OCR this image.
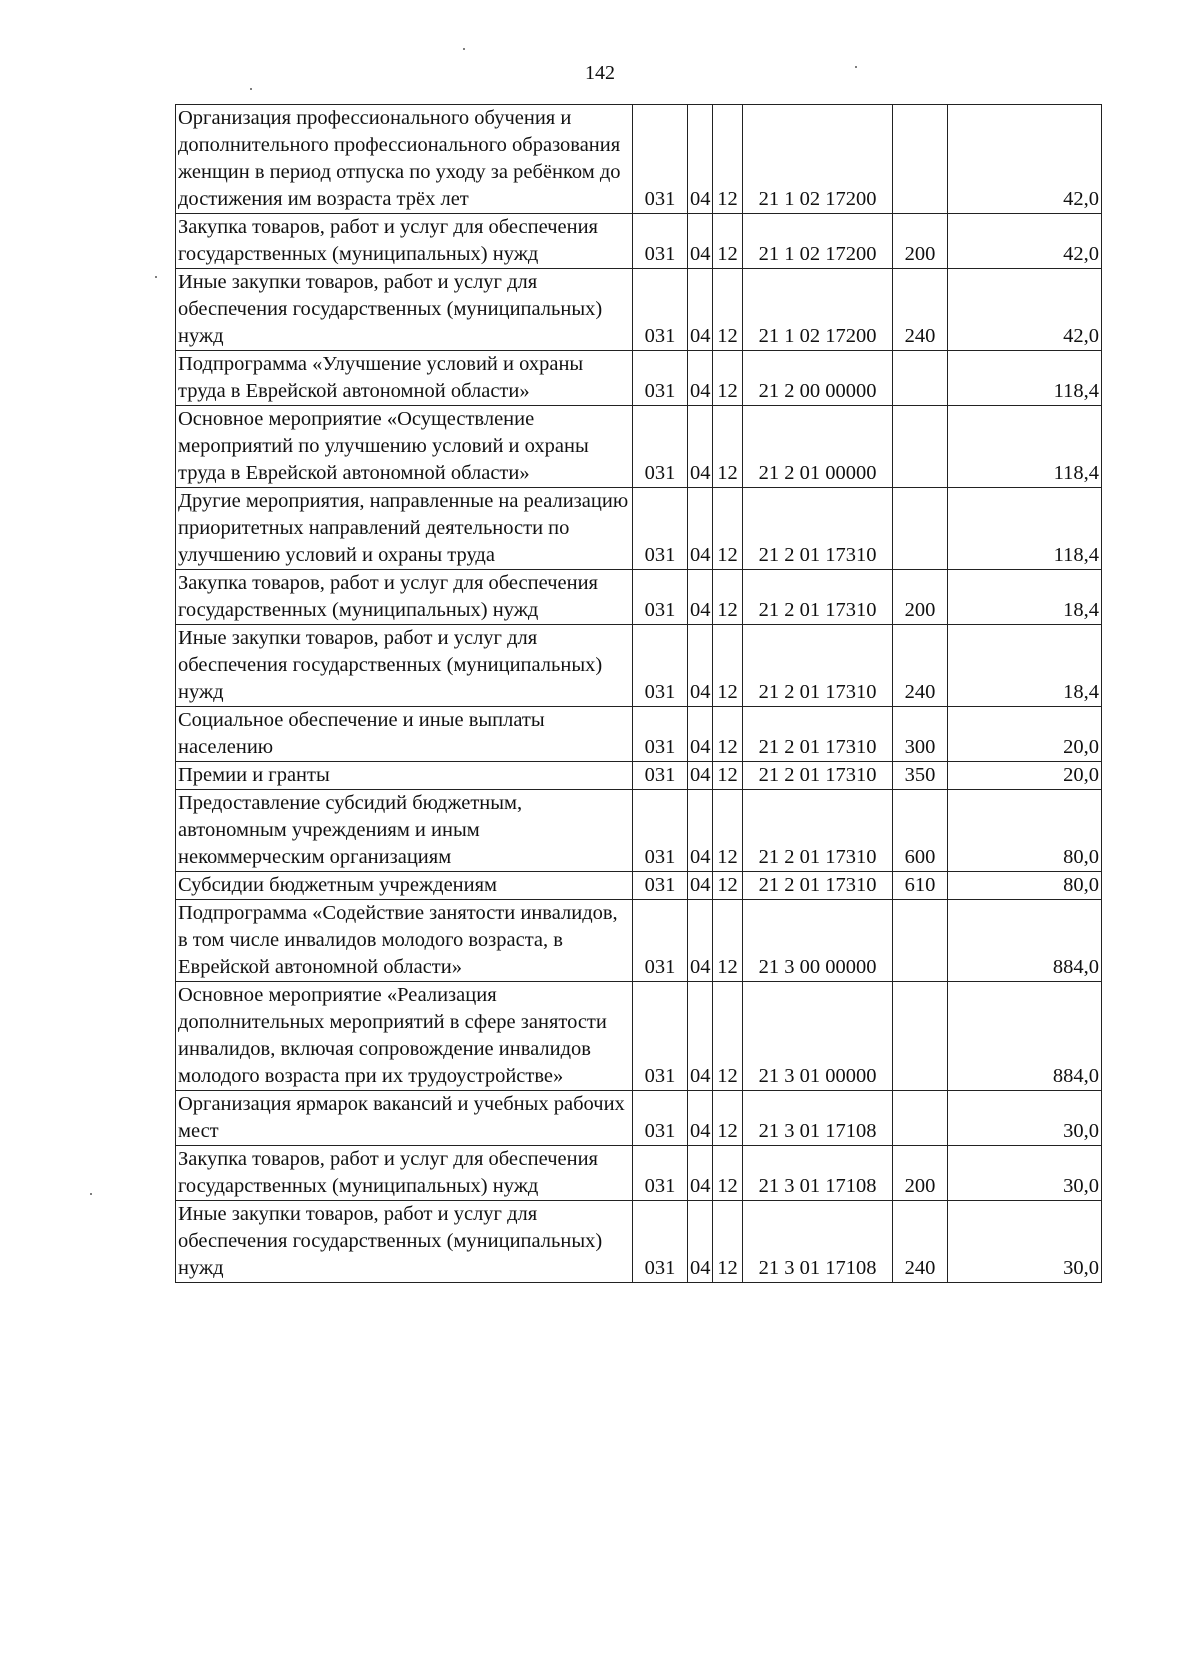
142
Организация профессионального обучения и дополнительного профессионального образования женщин в период отпуска по уходу за ребёнком до достижения им возраста трёх лет	031	04	12	21 1 02 17200		42,0
Закупка товаров, работ и услуг для обеспечения государственных (муниципальных) нужд	031	04	12	21 1 02 17200	200	42,0
Иные закупки товаров, работ и услуг для обеспечения государственных (муниципальных) нужд	031	04	12	21 1 02 17200	240	42,0
Подпрограмма «Улучшение условий и охраны труда в Еврейской автономной области»	031	04	12	21 2 00 00000		118,4
Основное мероприятие «Осуществление мероприятий по улучшению условий и охраны труда в Еврейской автономной области»	031	04	12	21 2 01 00000		118,4
Другие мероприятия, направленные на реализацию приоритетных направлений деятельности по улучшению условий и охраны труда	031	04	12	21 2 01 17310		118,4
Закупка товаров, работ и услуг для обеспечения государственных (муниципальных) нужд	031	04	12	21 2 01 17310	200	18,4
Иные закупки товаров, работ и услуг для обеспечения государственных (муниципальных) нужд	031	04	12	21 2 01 17310	240	18,4
Социальное обеспечение и иные выплаты населению	031	04	12	21 2 01 17310	300	20,0
Премии и гранты	031	04	12	21 2 01 17310	350	20,0
Предоставление субсидий бюджетным, автономным учреждениям и иным некоммерческим организациям	031	04	12	21 2 01 17310	600	80,0
Субсидии бюджетным учреждениям	031	04	12	21 2 01 17310	610	80,0
Подпрограмма «Содействие занятости инвалидов, в том числе инвалидов молодого возраста, в Еврейской автономной области»	031	04	12	21 3 00 00000		884,0
Основное мероприятие «Реализация дополнительных мероприятий в сфере занятости инвалидов, включая сопровождение инвалидов молодого возраста при их трудоустройстве»	031	04	12	21 3 01 00000		884,0
Организация ярмарок вакансий и учебных рабочих мест	031	04	12	21 3 01 17108		30,0
Закупка товаров, работ и услуг для обеспечения государственных (муниципальных) нужд	031	04	12	21 3 01 17108	200	30,0
Иные закупки товаров, работ и услуг для обеспечения государственных (муниципальных) нужд	031	04	12	21 3 01 17108	240	30,0
